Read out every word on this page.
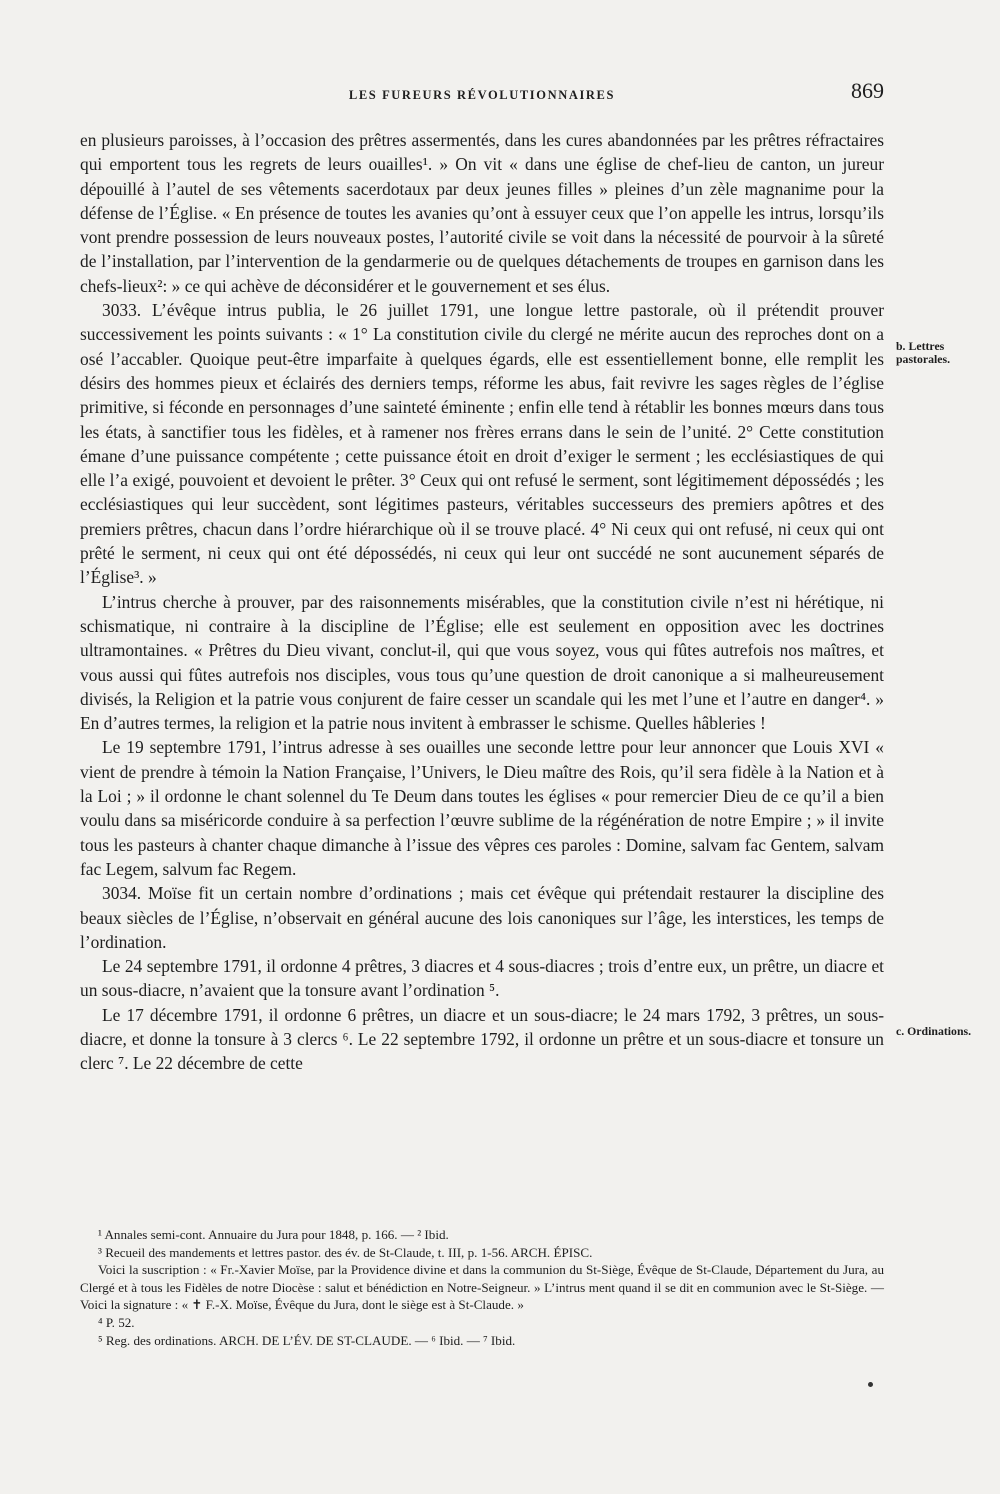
LES FUREURS RÉVOLUTIONNAIRES	869

en plusieurs paroisses, à l’occasion des prêtres assermentés, dans les cures abandonnées par les prêtres réfractaires qui emportent tous les regrets de leurs ouailles¹. » On vit « dans une église de chef-lieu de canton, un jureur dépouillé à l’autel de ses vêtements sacerdotaux par deux jeunes filles » pleines d’un zèle magnanime pour la défense de l’Église. « En présence de toutes les avanies qu’ont à essuyer ceux que l’on appelle les intrus, lorsqu’ils vont prendre possession de leurs nouveaux postes, l’autorité civile se voit dans la nécessité de pourvoir à la sûreté de l’installation, par l’intervention de la gendarmerie ou de quelques détachements de troupes en garnison dans les chefs-lieux²: » ce qui achève de déconsidérer et le gouvernement et ses élus.

3033. L’évêque intrus publia, le 26 juillet 1791, une longue lettre pastorale, où il prétendit prouver successivement les points suivants : « 1° La constitution civile du clergé ne mérite aucun des reproches dont on a osé l’accabler. Quoique peut-être imparfaite à quelques égards, elle est essentiellement bonne, elle remplit les désirs des hommes pieux et éclairés des derniers temps, réforme les abus, fait revivre les sages règles de l’église primitive, si féconde en personnages d’une sainteté éminente ; enfin elle tend à rétablir les bonnes mœurs dans tous les états, à sanctifier tous les fidèles, et à ramener nos frères errans dans le sein de l’unité. 2° Cette constitution émane d’une puissance compétente ; cette puissance étoit en droit d’exiger le serment ; les ecclésiastiques de qui elle l’a exigé, pouvoient et devoient le prêter. 3° Ceux qui ont refusé le serment, sont légitimement dépossédés ; les ecclésiastiques qui leur succèdent, sont légitimes pasteurs, véritables successeurs des premiers apôtres et des premiers prêtres, chacun dans l’ordre hiérarchique où il se trouve placé. 4° Ni ceux qui ont refusé, ni ceux qui ont prêté le serment, ni ceux qui ont été dépossédés, ni ceux qui leur ont succédé ne sont aucunement séparés de l’Église³. »

L’intrus cherche à prouver, par des raisonnements misérables, que la constitution civile n’est ni hérétique, ni schismatique, ni contraire à la discipline de l’Église; elle est seulement en opposition avec les doctrines ultramontaines. « Prêtres du Dieu vivant, conclut-il, qui que vous soyez, vous qui fûtes autrefois nos maîtres, et vous aussi qui fûtes autrefois nos disciples, vous tous qu’une question de droit canonique a si malheureusement divisés, la Religion et la patrie vous conjurent de faire cesser un scandale qui les met l’une et l’autre en danger⁴. » En d’autres termes, la religion et la patrie nous invitent à embrasser le schisme. Quelles hâbleries !

Le 19 septembre 1791, l’intrus adresse à ses ouailles une seconde lettre pour leur annoncer que Louis XVI « vient de prendre à témoin la Nation Française, l’Univers, le Dieu maître des Rois, qu’il sera fidèle à la Nation et à la Loi ; » il ordonne le chant solennel du Te Deum dans toutes les églises « pour remercier Dieu de ce qu’il a bien voulu dans sa miséricorde conduire à sa perfection l’œuvre sublime de la régénération de notre Empire ; » il invite tous les pasteurs à chanter chaque dimanche à l’issue des vêpres ces paroles : Domine, salvam fac Gentem, salvam fac Legem, salvum fac Regem.

3034. Moïse fit un certain nombre d’ordinations ; mais cet évêque qui prétendait restaurer la discipline des beaux siècles de l’Église, n’observait en général aucune des lois canoniques sur l’âge, les interstices, les temps de l’ordination.

Le 24 septembre 1791, il ordonne 4 prêtres, 3 diacres et 4 sous-diacres ; trois d’entre eux, un prêtre, un diacre et un sous-diacre, n’avaient que la tonsure avant l’ordination ⁵.

Le 17 décembre 1791, il ordonne 6 prêtres, un diacre et un sous-diacre; le 24 mars 1792, 3 prêtres, un sous-diacre, et donne la tonsure à 3 clercs ⁶. Le 22 septembre 1792, il ordonne un prêtre et un sous-diacre et tonsure un clerc ⁷. Le 22 décembre de cette

b. Lettres pastorales.
c. Ordinations.

¹ Annales semi-cont. Annuaire du Jura pour 1848, p. 166. — ² Ibid.

³ Recueil des mandements et lettres pastor. des év. de St-Claude, t. III, p. 1-56. ARCH. ÉPISC.

Voici la suscription : « Fr.-Xavier Moïse, par la Providence divine et dans la communion du St-Siège, Évêque de St-Claude, Département du Jura, au Clergé et à tous les Fidèles de notre Diocèse : salut et bénédiction en Notre-Seigneur. » L’intrus ment quand il se dit en communion avec le St-Siège. — Voici la signature : « ✝ F.-X. Moïse, Évêque du Jura, dont le siège est à St-Claude. »

⁴ P. 52.

⁵ Reg. des ordinations. ARCH. DE L’ÉV. DE ST-CLAUDE. — ⁶ Ibid. — ⁷ Ibid.
